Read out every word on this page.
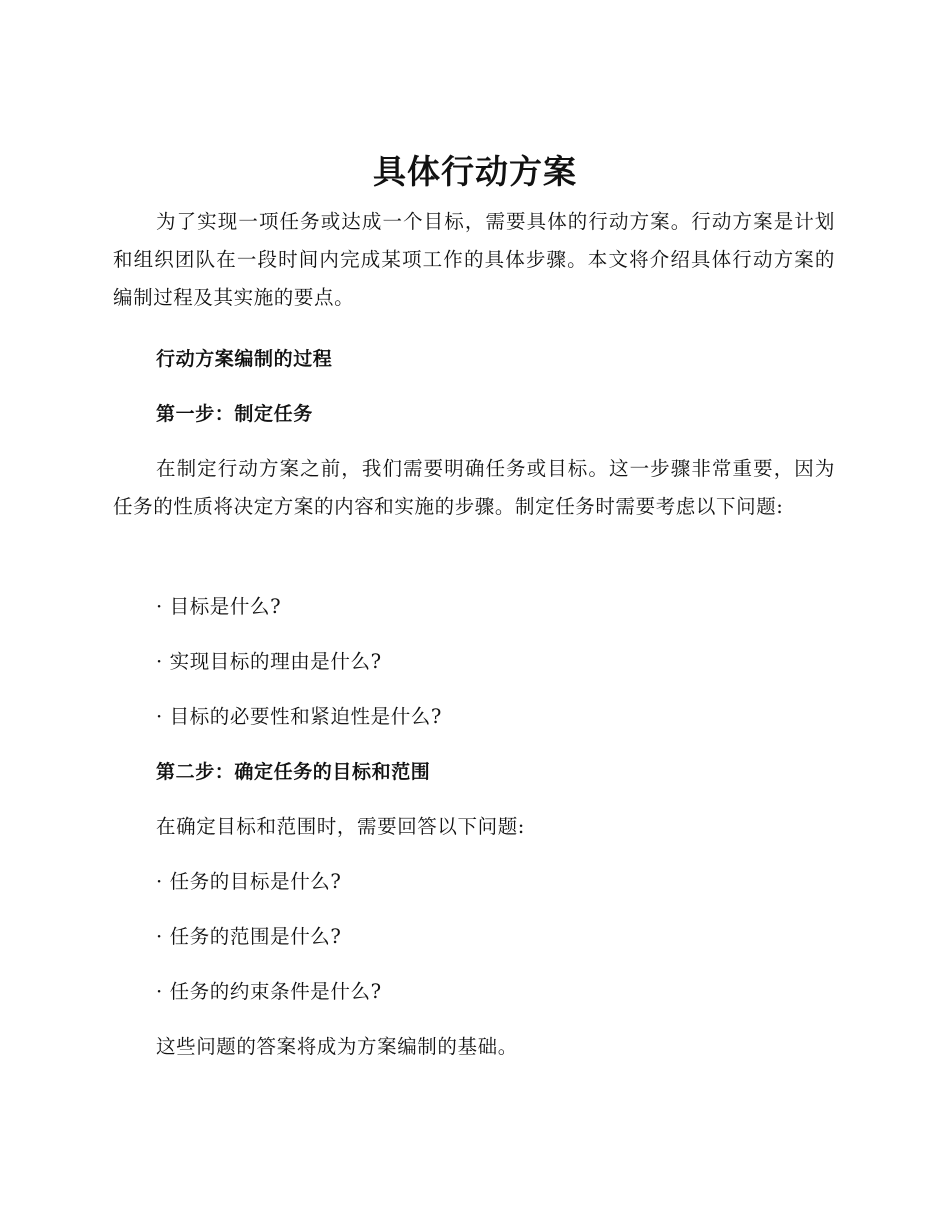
具体行动方案
为了实现一项任务或达成一个目标，需要具体的行动方案。行动方案是计划和组织团队在一段时间内完成某项工作的具体步骤。本文将介绍具体行动方案的编制过程及其实施的要点。
行动方案编制的过程
第一步：制定任务
在制定行动方案之前，我们需要明确任务或目标。这一步骤非常重要，因为任务的性质将决定方案的内容和实施的步骤。制定任务时需要考虑以下问题:
· 目标是什么?
· 实现目标的理由是什么?
· 目标的必要性和紧迫性是什么?
第二步：确定任务的目标和范围
在确定目标和范围时，需要回答以下问题:
· 任务的目标是什么?
· 任务的范围是什么?
· 任务的约束条件是什么?
这些问题的答案将成为方案编制的基础。
